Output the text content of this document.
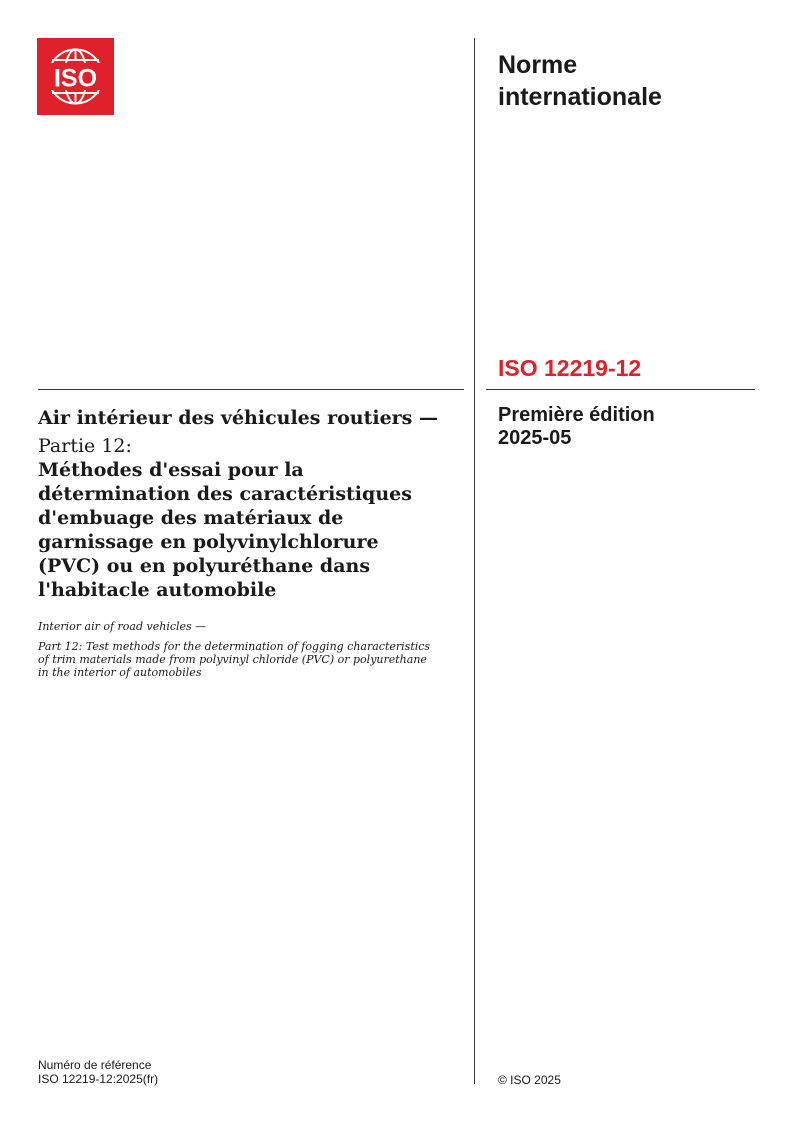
ISO	Norme
internationale
ISO 12219-12
Première édition
2025-05

Air intérieur des véhicules routiers —

Partie 12:

Méthodes d'essai pour la détermination des caractéristiques d'embuage des matériaux de garnissage en polyvinylchlorure (PVC) ou en polyuréthane dans l'habitacle automobile

Interior air of road vehicles —

Part 12: Test methods for the determination of fogging characteristics of trim materials made from polyvinyl chloride (PVC) or polyurethane in the interior of automobiles

Numéro de référence
ISO 12219-12:2025(fr)	© ISO 2025
